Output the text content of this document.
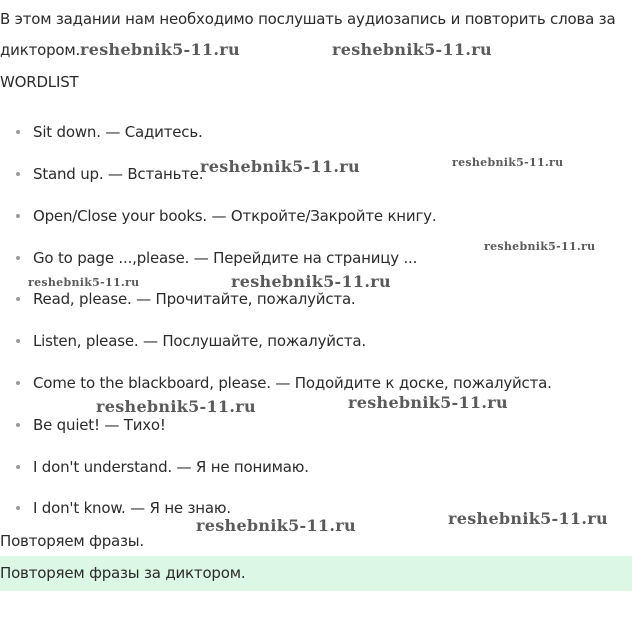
В этом задании нам необходимо послушать аудиозапись и повторить слова за
диктором.
WORDLIST
Sit down. — Садитесь.
Stand up. — Встаньте.
Open/Close your books. — Откройте/Закройте книгу.
Go to page ...,please. — Перейдите на страницу ...
Read, please. — Прочитайте, пожалуйста.
Listen, please. — Послушайте, пожалуйста.
Come to the blackboard, please. — Подойдите к доске, пожалуйста.
Be quiet! — Тихо!
I don't understand. — Я не понимаю.
I don't know. — Я не знаю.
Повторяем фразы.
Повторяем фразы за диктором.
reshebnik5-11.ru	reshebnik5-11.ru
reshebnik5-11.ru	reshebnik5-11.ru
reshebnik5-11.ru
reshebnik5-11.ru	reshebnik5-11.ru
reshebnik5-11.ru	reshebnik5-11.ru
reshebnik5-11.ru	reshebnik5-11.ru
